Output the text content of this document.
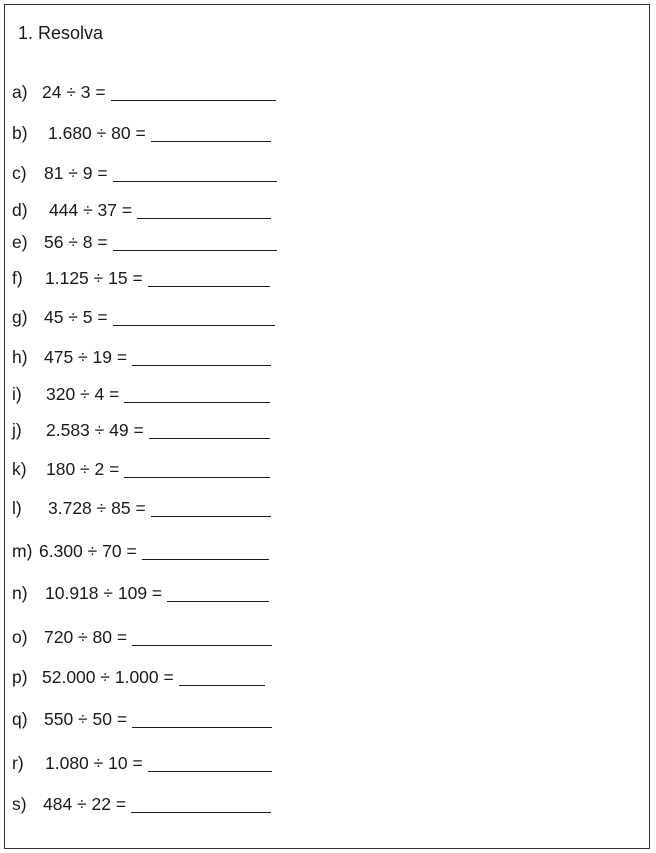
1. Resolva
a) 24 ÷ 3 =
b)	1.680 ÷ 80 =
c) 81 ÷ 9 =
d)	444 ÷ 37 =
e) 56 ÷ 8 =
f)	1.125 ÷ 15 =
g) 45 ÷ 5 =
h) 475 ÷ 19 =
i)	320 ÷ 4 =
j)	2.583 ÷ 49 =
k)	180 ÷ 2 =
l)	3.728 ÷ 85 =
m) 6.300 ÷ 70 =
n) 10.918 ÷ 109 =
o) 720 ÷ 80 =
p) 52.000 ÷ 1.000 =
q) 550 ÷ 50 =
r)	1.080 ÷ 10 =
s) 484 ÷ 22 =
